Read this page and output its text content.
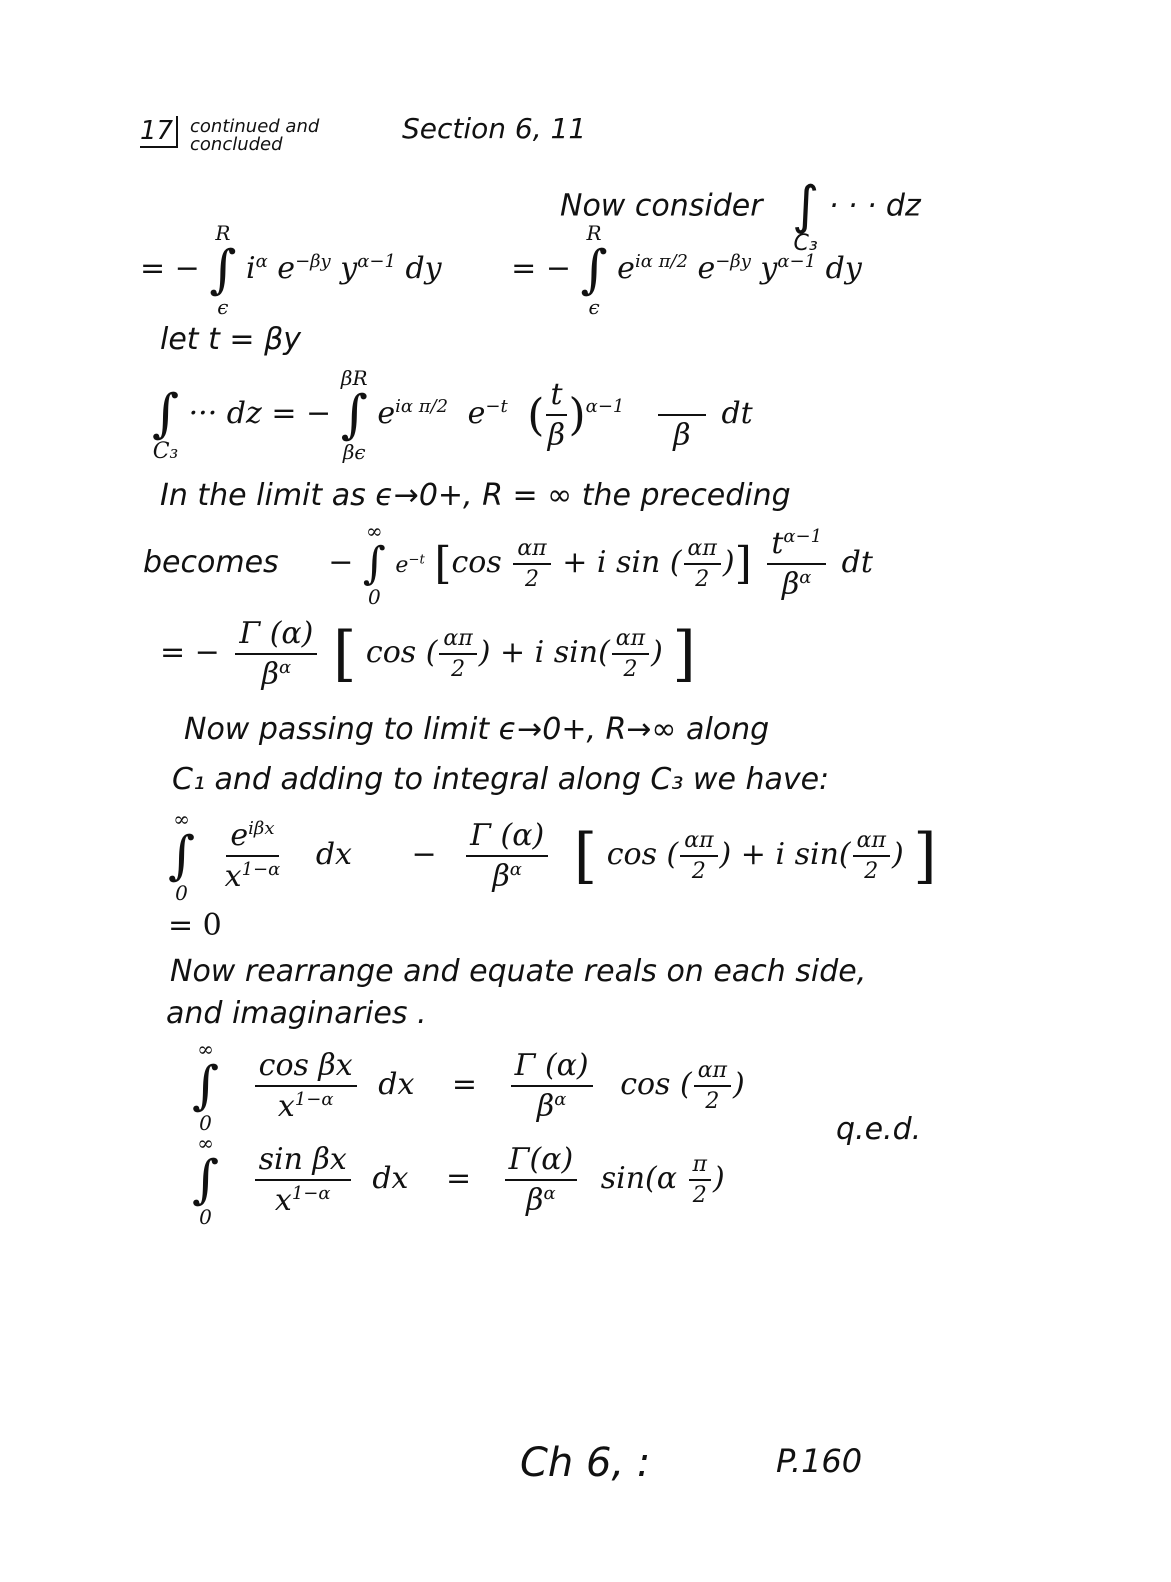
17 continued and
concluded	Section 6, 11
Now consider
∫
C₃
· · · dz
= −
R
∫
ϵ
$i^\alpha$ $e^{-\beta y}$ $y^{\alpha-1}$ dy = −
R
∫
ϵ
$e^{i\alpha \pi/2}$ $e^{-\beta y}$ $y^{\alpha-1}$ dy
let t = βy

∫
C₃
··· dz = −
βR
∫
βϵ
$e^{i\alpha \pi/2}$ $e^{-t}$ ( $\frac{t}{\beta} )^{\alpha-1}$

β
dt
In the limit as ϵ→0+, R = ∞ the preceding
becomes −
∞
∫
0
$e^{-t}$ [$\cos \frac{\alpha\pi}{2} + i$ sin ( $\frac{\alpha\pi}{2}$ )] $\frac{t^{\alpha-1}}{\beta^\alpha}$ dt
= − $\frac{\Gamma (\alpha)}{\beta^\alpha}$ [ cos ( $\frac{\alpha\pi}{2}$ ) + i $\sin( \frac{\alpha\pi}{2}$ ) ]
Now passing to limit ϵ→0+, R→∞ along
C₁ and adding to integral along C₃ we have:
∞
∫
0
$\frac{e^{i\beta x}}{x^{1-\alpha}}$ dx − $\frac{\Gamma (\alpha)}{\beta^\alpha}$ [ cos ( $\frac{\alpha\pi}{2}$ ) + i $\sin( \frac{\alpha\pi}{2}$ ) ]
= 0
Now rearrange and equate reals on each side,
and imaginaries .
∞
∫
0
$\frac{\text{cos βx}}{x^{1-\alpha}}$ dx = $\frac{\Gamma (\alpha)}{\beta^\alpha}$ cos ( $\frac{\alpha\pi}{2}$ )
q.e.d.
∞
∫
0
$\frac{\text{sin βx}}{x^{1-\alpha}}$ dx = $\frac{\Gamma(\alpha)}{\beta^\alpha} \sin(\alpha \frac{\pi}{2}$ )
Ch 6, :	P.160
